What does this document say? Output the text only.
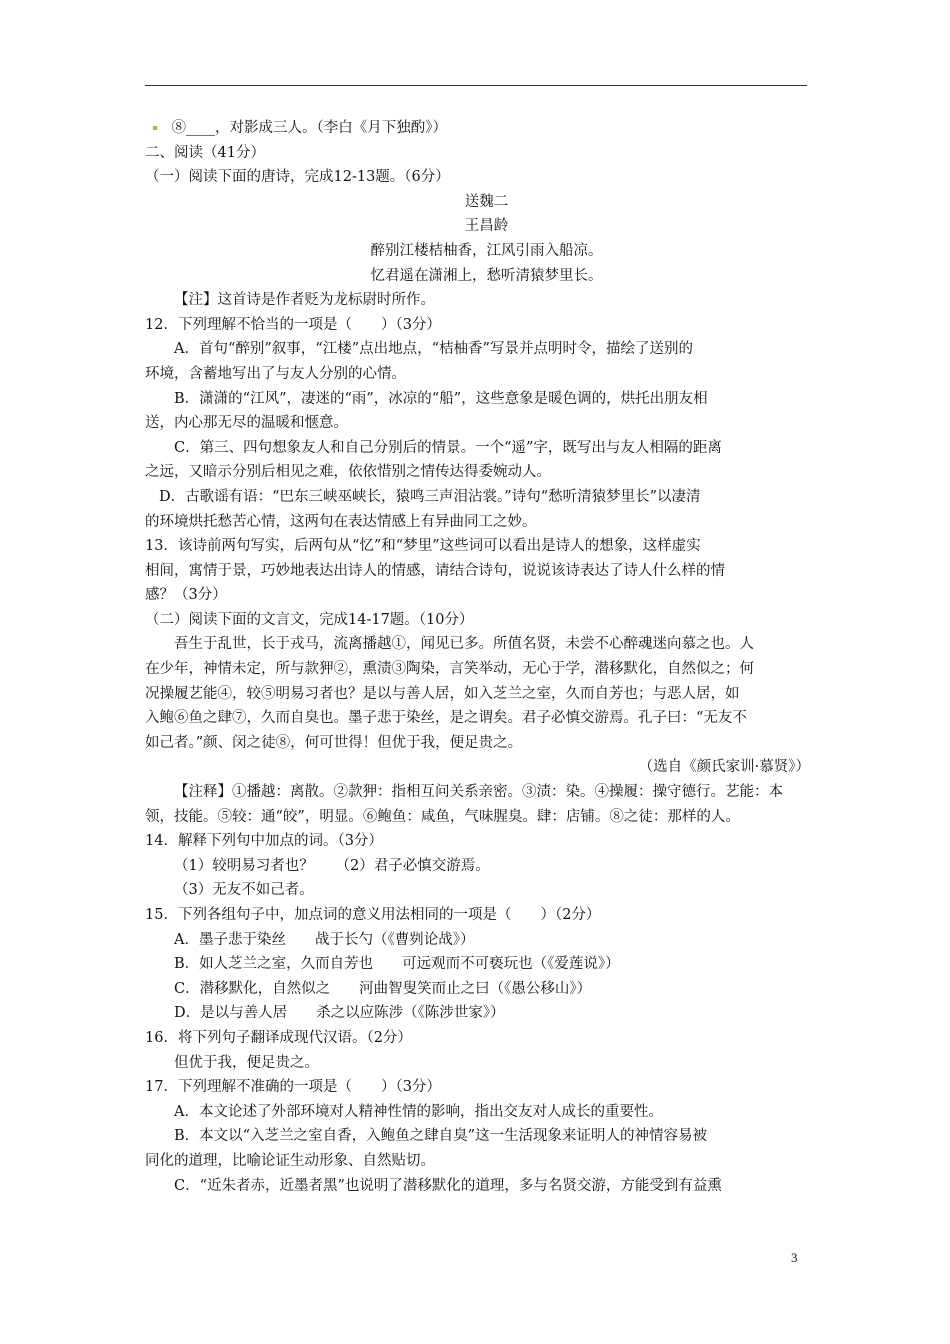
　⑧____，对影成三人。（李白《月下独酌》）
二、阅读（41分）
（一）阅读下面的唐诗，完成12-13题。（6分）
送魏二
王昌龄
醉别江楼桔柚香，江风引雨入船凉。
忆君遥在潇湘上，愁听清猿梦里长。
【注】这首诗是作者贬为龙标尉时所作。
12．下列理解不恰当的一项是（　　）（3分）
A．首句“醉别”叙事，“江楼”点出地点，“桔柚香”写景并点明时令，描绘了送别的
环境，含蓄地写出了与友人分别的心情。
B．潇潇的“江风”，凄迷的“雨”，冰凉的“船”，这些意象是暖色调的，烘托出朋友相
送，内心那无尽的温暖和惬意。
C．第三、四句想象友人和自己分别后的情景。一个“遥”字，既写出与友人相隔的距离
之远，又暗示分别后相见之难，依依惜别之情传达得委婉动人。
D．古歌谣有语：“巴东三峡巫峡长，猿鸣三声泪沾裳。”诗句“愁听清猿梦里长”以凄清
的环境烘托愁苦心情，这两句在表达情感上有异曲同工之妙。
13．该诗前两句写实，后两句从“忆”和“梦里”这些词可以看出是诗人的想象，这样虚实
相间，寓情于景，巧妙地表达出诗人的情感，请结合诗句，说说该诗表达了诗人什么样的情
感？（3分）
（二）阅读下面的文言文，完成14-17题。（10分）
吾生于乱世，长于戎马，流离播越①，闻见已多。所值名贤，未尝不心醉魂迷向慕之也。人
在少年，神情未定，所与款狎②，熏渍③陶染，言笑举动，无心于学，潜移默化，自然似之；何
况操履艺能④，较⑤明易习者也？是以与善人居，如入芝兰之室，久而自芳也；与恶人居，如
入鲍⑥鱼之肆⑦，久而自臭也。墨子悲于染丝，是之谓矣。君子必慎交游焉。孔子曰：“无友不
如己者。”颜、闵之徒⑧，何可世得！但优于我，便足贵之。
（选自《颜氏家训·慕贤》）
【注释】①播越：离散。②款狎：指相互问关系亲密。③渍：染。④操履：操守德行。艺能：本
领，技能。⑤较：通“皎”，明显。⑥鲍鱼：咸鱼，气味腥臭。肆：店铺。⑧之徒：那样的人。
14．解释下列句中加点的词。（3分）
（1）较明易习者也？　　（2）君子必慎交游焉。
（3）无友不如己者。
15．下列各组句子中，加点词的意义用法相同的一项是（　　）（2分）
A．墨子悲于染丝　　战于长勺（《曹刿论战》）
B．如人芝兰之室，久而自芳也　　可远观而不可亵玩也（《爱莲说》）
C．潜移默化，自然似之　　河曲智叟笑而止之曰（《愚公移山》）
D．是以与善人居　　杀之以应陈涉（《陈涉世家》）
16．将下列句子翻译成现代汉语。（2分）
但优于我，便足贵之。
17．下列理解不准确的一项是（　　）（3分）
A．本文论述了外部环境对人精神性情的影响，指出交友对人成长的重要性。
B．本文以“入芝兰之室自香，入鲍鱼之肆自臭”这一生活现象来证明人的神情容易被
同化的道理，比喻论证生动形象、自然贴切。
C．“近朱者赤，近墨者黑”也说明了潜移默化的道理，多与名贤交游，方能受到有益熏
3
